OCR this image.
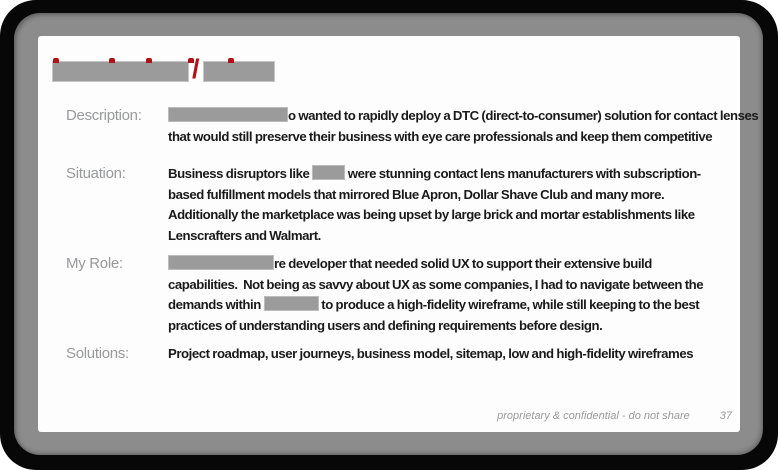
/
Description:	o wanted to rapidly deploy a DTC (direct-to-consumer) solution for contact lenses
that would still preserve their business with eye care professionals and keep them competitive
Situation:	Business disruptors like	were stunning contact lens manufacturers with subscription-
based fulfillment models that mirrored Blue Apron, Dollar Shave Club and many more.
Additionally the marketplace was being upset by large brick and mortar establishments like
Lenscrafters and Walmart.
My Role:	re developer that needed solid UX to support their extensive build
capabilities.  Not being as savvy about UX as some companies, I had to navigate between the
demands within	to produce a high-fidelity wireframe, while still keeping to the best
practices of understanding users and defining requirements before design.
Solutions:	Project roadmap, user journeys, business model, sitemap, low and high-fidelity wireframes
proprietary & confidential - do not share	37
